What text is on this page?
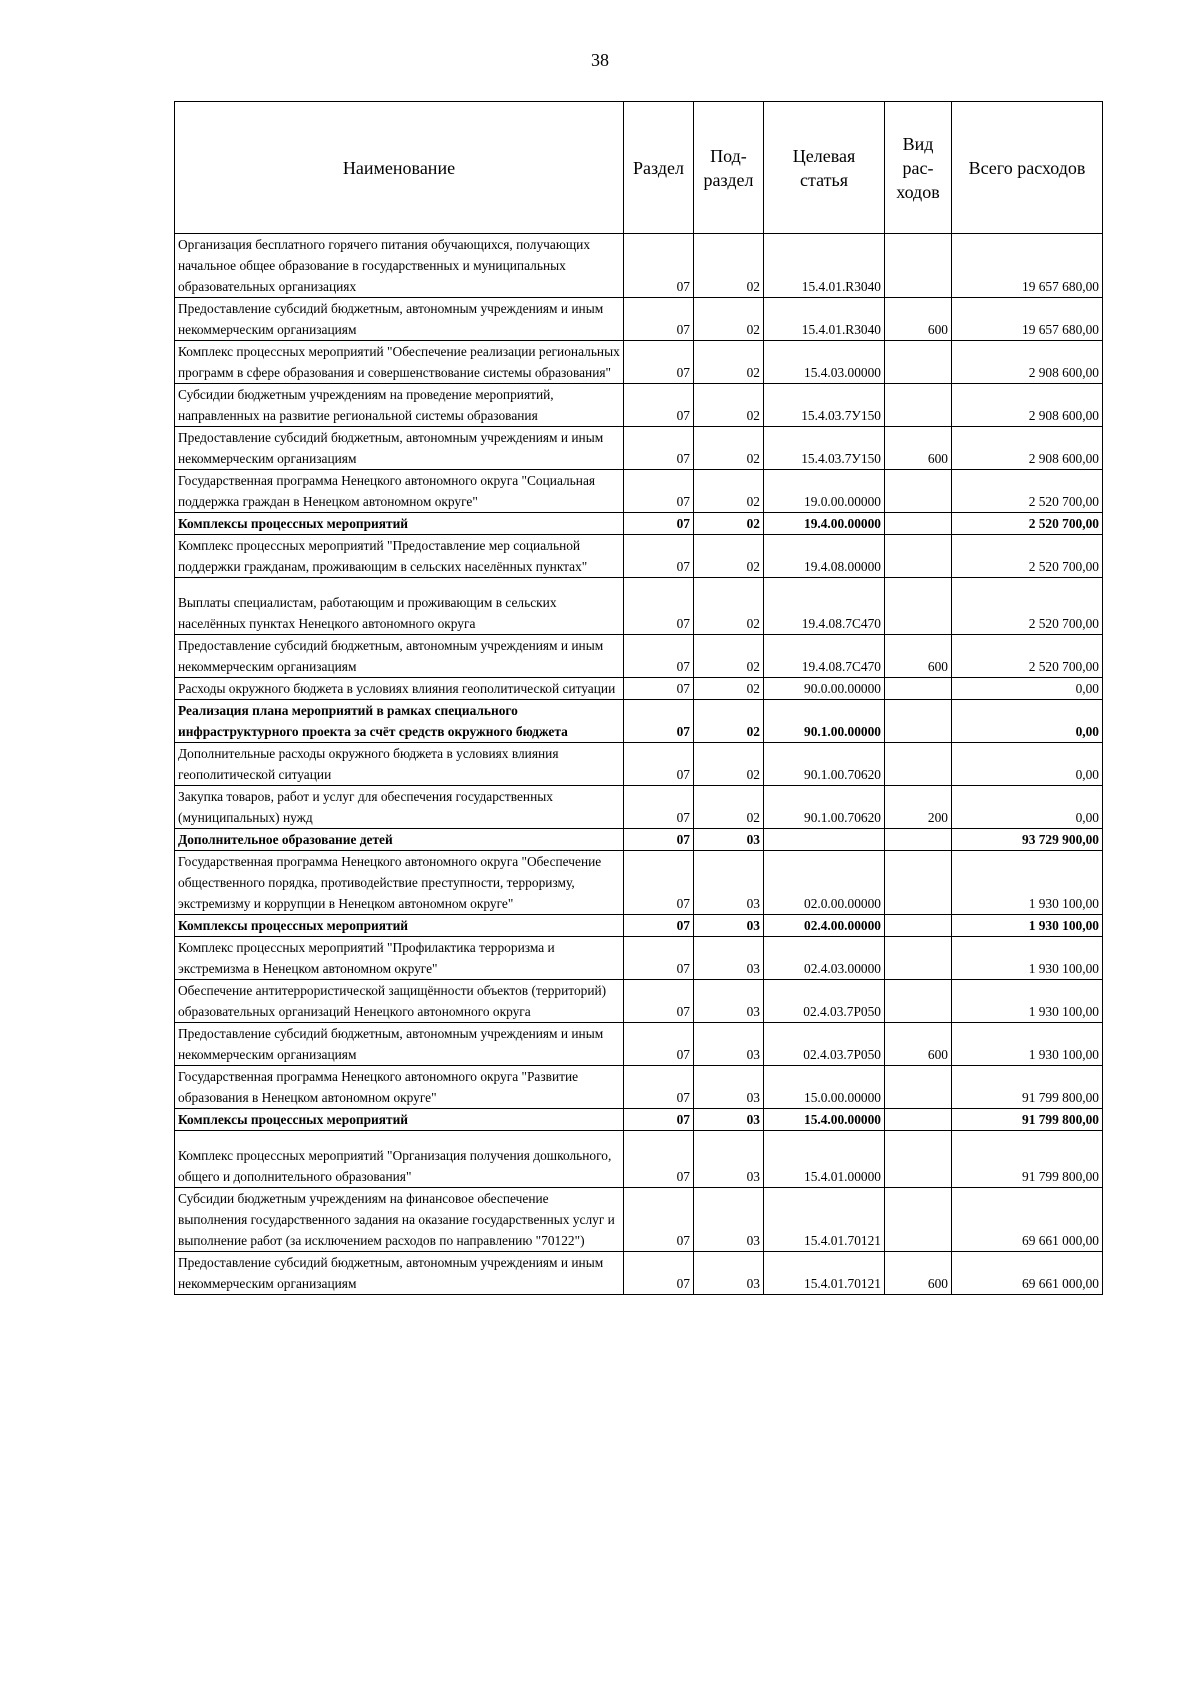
38
Наименование	Раздел	Под-раздел	Целевая статья	Вид рас-ходов	Всего расходов
Организация бесплатного горячего питания обучающихся, получающих начальное общее образование в государственных и муниципальных образовательных организациях	07	02	15.4.01.R3040		19 657 680,00
Предоставление субсидий бюджетным, автономным учреждениям и иным некоммерческим организациям	07	02	15.4.01.R3040	600	19 657 680,00
Комплекс процессных мероприятий "Обеспечение реализации региональных программ в сфере образования и совершенствование системы образования"	07	02	15.4.03.00000		2 908 600,00
Субсидии бюджетным учреждениям на проведение мероприятий, направленных на развитие региональной системы образования	07	02	15.4.03.7У150		2 908 600,00
Предоставление субсидий бюджетным, автономным учреждениям и иным некоммерческим организациям	07	02	15.4.03.7У150	600	2 908 600,00
Государственная программа Ненецкого автономного округа "Социальная поддержка граждан в Ненецком автономном округе"	07	02	19.0.00.00000		2 520 700,00
Комплексы процессных мероприятий	07	02	19.4.00.00000		2 520 700,00
Комплекс процессных мероприятий "Предоставление мер социальной поддержки гражданам, проживающим в сельских населённых пунктах"	07	02	19.4.08.00000		2 520 700,00
Выплаты специалистам, работающим и проживающим в сельских населённых пунктах Ненецкого автономного округа	07	02	19.4.08.7С470		2 520 700,00
Предоставление субсидий бюджетным, автономным учреждениям и иным некоммерческим организациям	07	02	19.4.08.7С470	600	2 520 700,00
Расходы окружного бюджета в условиях влияния геополитической ситуации	07	02	90.0.00.00000		0,00
Реализация плана мероприятий в рамках специального инфраструктурного проекта за счёт средств окружного бюджета	07	02	90.1.00.00000		0,00
Дополнительные расходы окружного бюджета в условиях влияния геополитической ситуации	07	02	90.1.00.70620		0,00
Закупка товаров, работ и услуг для обеспечения государственных (муниципальных) нужд	07	02	90.1.00.70620	200	0,00
Дополнительное образование детей	07	03			93 729 900,00
Государственная программа Ненецкого автономного округа "Обеспечение общественного порядка, противодействие преступности, терроризму, экстремизму и коррупции в Ненецком автономном округе"	07	03	02.0.00.00000		1 930 100,00
Комплексы процессных мероприятий	07	03	02.4.00.00000		1 930 100,00
Комплекс процессных мероприятий "Профилактика терроризма и экстремизма в Ненецком автономном округе"	07	03	02.4.03.00000		1 930 100,00
Обеспечение антитеррористической защищённости объектов (территорий) образовательных организаций Ненецкого автономного округа	07	03	02.4.03.7Р050		1 930 100,00
Предоставление субсидий бюджетным, автономным учреждениям и иным некоммерческим организациям	07	03	02.4.03.7Р050	600	1 930 100,00
Государственная программа Ненецкого автономного округа "Развитие образования в Ненецком автономном округе"	07	03	15.0.00.00000		91 799 800,00
Комплексы процессных мероприятий	07	03	15.4.00.00000		91 799 800,00
Комплекс процессных мероприятий "Организация получения дошкольного, общего и дополнительного образования"	07	03	15.4.01.00000		91 799 800,00
Субсидии бюджетным учреждениям на финансовое обеспечение выполнения государственного задания на оказание государственных услуг и выполнение работ (за исключением расходов по направлению "70122")	07	03	15.4.01.70121		69 661 000,00
Предоставление субсидий бюджетным, автономным учреждениям и иным некоммерческим организациям	07	03	15.4.01.70121	600	69 661 000,00
